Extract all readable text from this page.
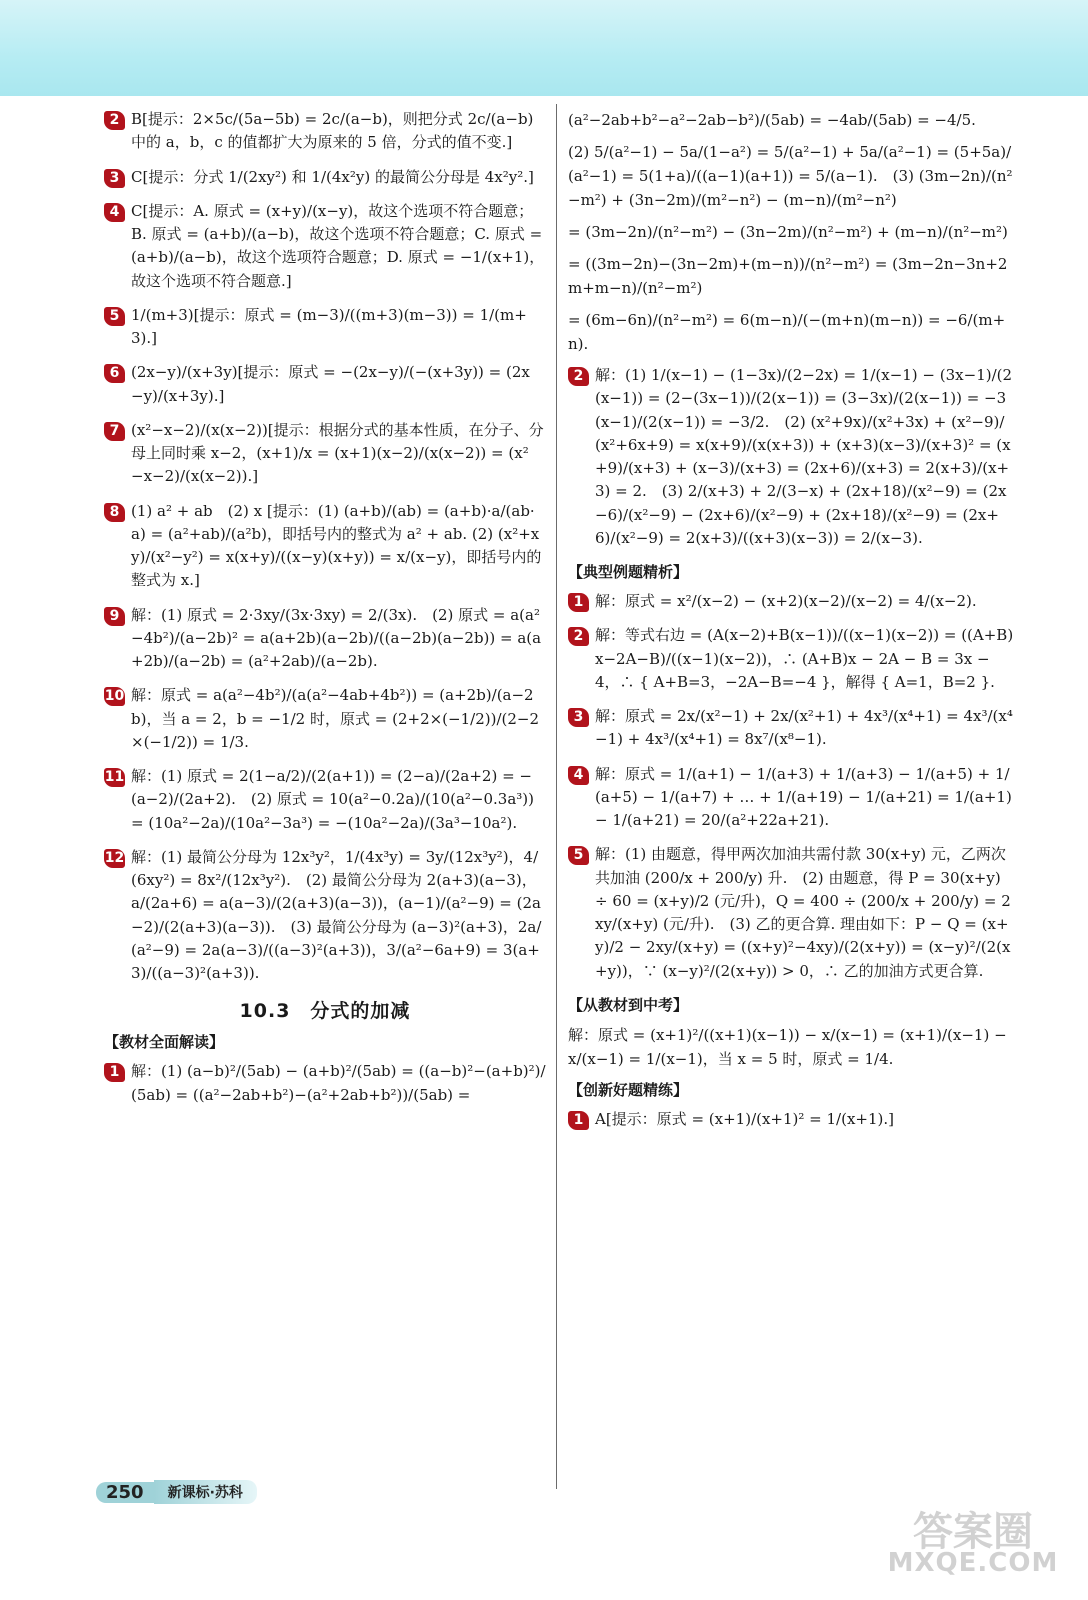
2 B[提示：2×5c/(5a−5b) = 2c/(a−b)，则把分式 2c/(a−b) 中的 a，b，c 的值都扩大为原来的 5 倍，分式的值不变.]
3 C[提示：分式 1/(2xy²) 和 1/(4x²y) 的最简公分母是 4x²y².]
4 C[提示：A. 原式 = (x+y)/(x−y)，故这个选项不符合题意；B. 原式 = (a+b)/(a−b)，故这个选项不符合题意；C. 原式 = (a+b)/(a−b)，故这个选项符合题意；D. 原式 = −1/(x+1)，故这个选项不符合题意.]
5 1/(m+3)[提示：原式 = (m−3)/((m+3)(m−3)) = 1/(m+3).]
6 (2x−y)/(x+3y)[提示：原式 = −(2x−y)/(−(x+3y)) = (2x−y)/(x+3y).]
7 (x²−x−2)/(x(x−2))[提示：根据分式的基本性质，在分子、分母上同时乘 x−2，(x+1)/x = (x+1)(x−2)/(x(x−2)) = (x²−x−2)/(x(x−2)).]
8 (1) a² + ab　(2) x [提示：(1) (a+b)/(ab) = (a+b)·a/(ab·a) = (a²+ab)/(a²b)，即括号内的整式为 a² + ab. (2) (x²+xy)/(x²−y²) = x(x+y)/((x−y)(x+y)) = x/(x−y)，即括号内的整式为 x.]
9 解：(1) 原式 = 2·3xy/(3x·3xy) = 2/(3x).　(2) 原式 = a(a²−4b²)/(a−2b)² = a(a+2b)(a−2b)/((a−2b)(a−2b)) = a(a+2b)/(a−2b) = (a²+2ab)/(a−2b).
10 解：原式 = a(a²−4b²)/(a(a²−4ab+4b²)) = (a+2b)/(a−2b)，当 a = 2，b = −1/2 时，原式 = (2+2×(−1/2))/(2−2×(−1/2)) = 1/3.
11 解：(1) 原式 = 2(1−a/2)/(2(a+1)) = (2−a)/(2a+2) = −(a−2)/(2a+2).　(2) 原式 = 10(a²−0.2a)/(10(a²−0.3a³)) = (10a²−2a)/(10a²−3a³) = −(10a²−2a)/(3a³−10a²).
12 解：(1) 最简公分母为 12x³y²，1/(4x³y) = 3y/(12x³y²)，4/(6xy²) = 8x²/(12x³y²).　(2) 最简公分母为 2(a+3)(a−3)，a/(2a+6) = a(a−3)/(2(a+3)(a−3))，(a−1)/(a²−9) = (2a−2)/(2(a+3)(a−3)).　(3) 最简公分母为 (a−3)²(a+3)，2a/(a²−9) = 2a(a−3)/((a−3)²(a+3))，3/(a²−6a+9) = 3(a+3)/((a−3)²(a+3)).
10.3　分式的加减
【教材全面解读】
1 解：(1) (a−b)²/(5ab) − (a+b)²/(5ab) = ((a−b)²−(a+b)²)/(5ab) = ((a²−2ab+b²)−(a²+2ab+b²))/(5ab) =
(a²−2ab+b²−a²−2ab−b²)/(5ab) = −4ab/(5ab) = −4/5.
(2) 5/(a²−1) − 5a/(1−a²) = 5/(a²−1) + 5a/(a²−1) = (5+5a)/(a²−1) = 5(1+a)/((a−1)(a+1)) = 5/(a−1).　(3) (3m−2n)/(n²−m²) + (3n−2m)/(m²−n²) − (m−n)/(m²−n²)
= (3m−2n)/(n²−m²) − (3n−2m)/(n²−m²) + (m−n)/(n²−m²)
= ((3m−2n)−(3n−2m)+(m−n))/(n²−m²) = (3m−2n−3n+2m+m−n)/(n²−m²)
= (6m−6n)/(n²−m²) = 6(m−n)/(−(m+n)(m−n)) = −6/(m+n).
2 解：(1) 1/(x−1) − (1−3x)/(2−2x) = 1/(x−1) − (3x−1)/(2(x−1)) = (2−(3x−1))/(2(x−1)) = (3−3x)/(2(x−1)) = −3(x−1)/(2(x−1)) = −3/2.　(2) (x²+9x)/(x²+3x) + (x²−9)/(x²+6x+9) = x(x+9)/(x(x+3)) + (x+3)(x−3)/(x+3)² = (x+9)/(x+3) + (x−3)/(x+3) = (2x+6)/(x+3) = 2(x+3)/(x+3) = 2.　(3) 2/(x+3) + 2/(3−x) + (2x+18)/(x²−9) = (2x−6)/(x²−9) − (2x+6)/(x²−9) + (2x+18)/(x²−9) = (2x+6)/(x²−9) = 2(x+3)/((x+3)(x−3)) = 2/(x−3).
【典型例题精析】
1 解：原式 = x²/(x−2) − (x+2)(x−2)/(x−2) = 4/(x−2).
2 解：等式右边 = (A(x−2)+B(x−1))/((x−1)(x−2)) = ((A+B)x−2A−B)/((x−1)(x−2))，∴ (A+B)x − 2A − B = 3x − 4，∴ { A+B=3，−2A−B=−4 }，解得 { A=1，B=2 }.
3 解：原式 = 2x/(x²−1) + 2x/(x²+1) + 4x³/(x⁴+1) = 4x³/(x⁴−1) + 4x³/(x⁴+1) = 8x⁷/(x⁸−1).
4 解：原式 = 1/(a+1) − 1/(a+3) + 1/(a+3) − 1/(a+5) + 1/(a+5) − 1/(a+7) + … + 1/(a+19) − 1/(a+21) = 1/(a+1) − 1/(a+21) = 20/(a²+22a+21).
5 解：(1) 由题意，得甲两次加油共需付款 30(x+y) 元，乙两次共加油 (200/x + 200/y) 升.　(2) 由题意，得 P = 30(x+y) ÷ 60 = (x+y)/2 (元/升)，Q = 400 ÷ (200/x + 200/y) = 2xy/(x+y) (元/升).　(3) 乙的更合算. 理由如下：P − Q = (x+y)/2 − 2xy/(x+y) = ((x+y)²−4xy)/(2(x+y)) = (x−y)²/(2(x+y))，∵ (x−y)²/(2(x+y)) > 0，∴ 乙的加油方式更合算.
【从教材到中考】
解：原式 = (x+1)²/((x+1)(x−1)) − x/(x−1) = (x+1)/(x−1) − x/(x−1) = 1/(x−1)，当 x = 5 时，原式 = 1/4.
【创新好题精练】
1 A[提示：原式 = (x+1)/(x+1)² = 1/(x+1).]
250	新课标·苏科
答案圈
MXQE.COM
